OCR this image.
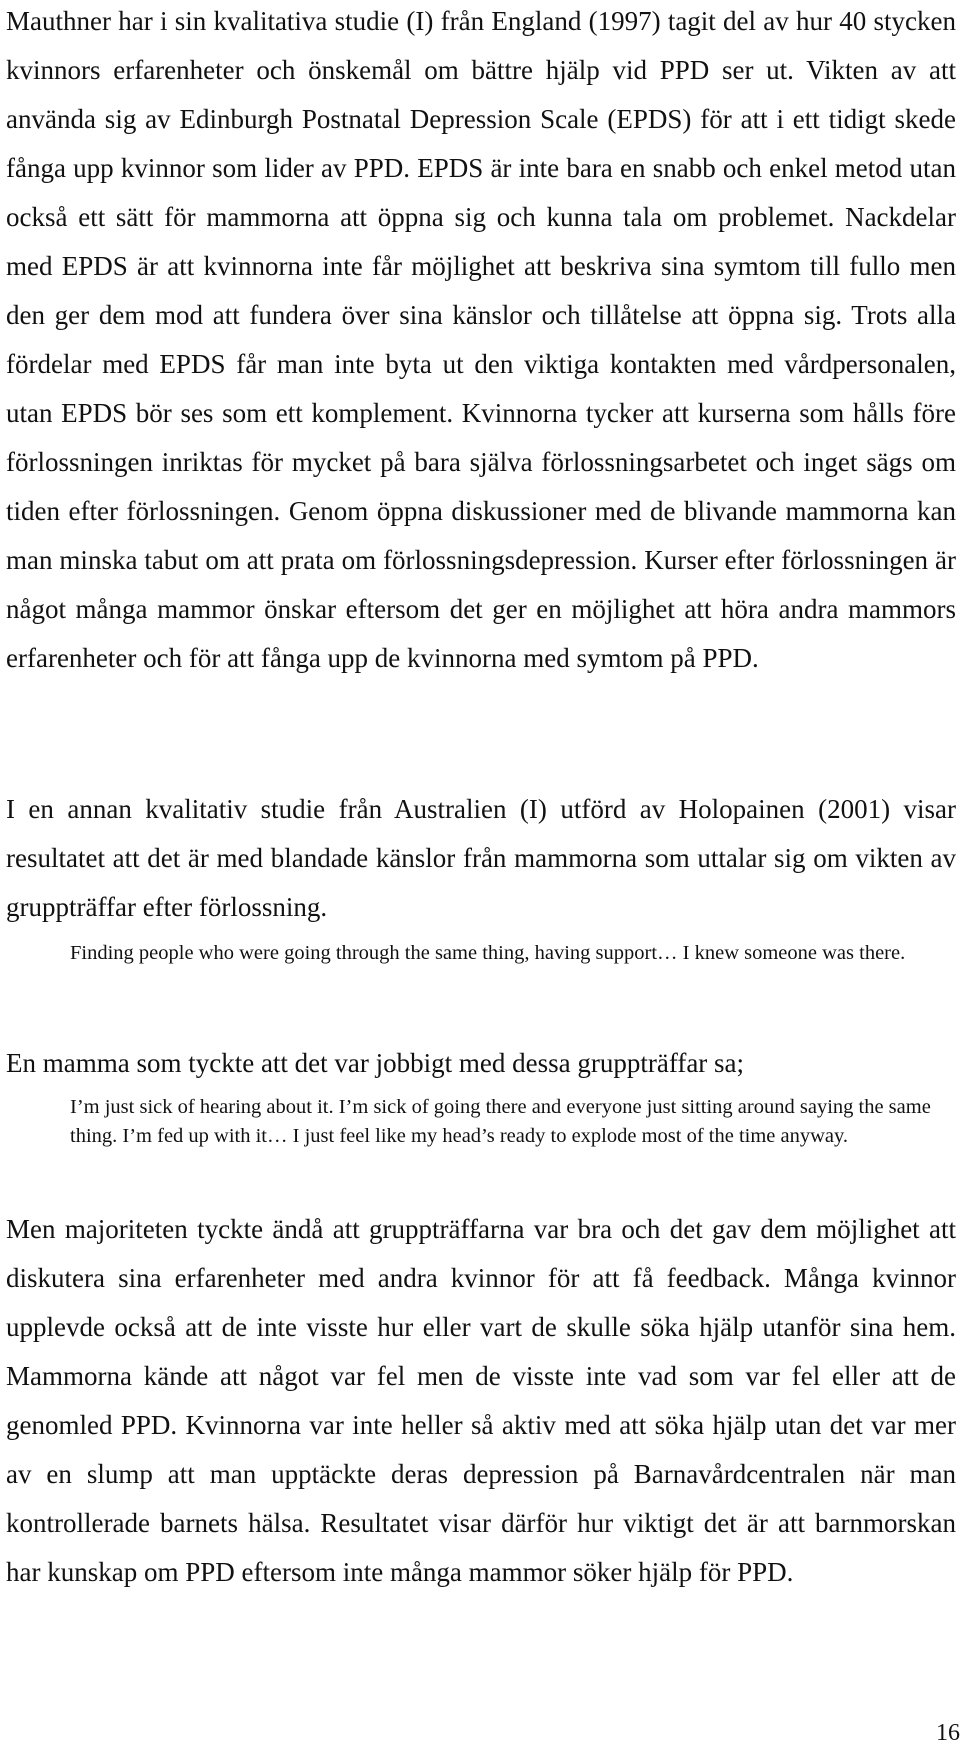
Mauthner har i sin kvalitativa studie (I) från England (1997) tagit del av hur 40 stycken kvinnors erfarenheter och önskemål om bättre hjälp vid PPD ser ut. Vikten av att använda sig av Edinburgh Postnatal Depression Scale (EPDS) för att i ett tidigt skede fånga upp kvinnor som lider av PPD. EPDS är inte bara en snabb och enkel metod utan också ett sätt för mammorna att öppna sig och kunna tala om problemet. Nackdelar med EPDS är att kvinnorna inte får möjlighet att beskriva sina symtom till fullo men den ger dem mod att fundera över sina känslor och tillåtelse att öppna sig. Trots alla fördelar med EPDS får man inte byta ut den viktiga kontakten med vårdpersonalen, utan EPDS bör ses som ett komplement. Kvinnorna tycker att kurserna som hålls före förlossningen inriktas för mycket på bara själva förlossningsarbetet och inget sägs om tiden efter förlossningen. Genom öppna diskussioner med de blivande mammorna kan man minska tabut om att prata om förlossningsdepression. Kurser efter förlossningen är något många mammor önskar eftersom det ger en möjlighet att höra andra mammors erfarenheter och för att fånga upp de kvinnorna med symtom på PPD.

I en annan kvalitativ studie från Australien (I) utförd av Holopainen (2001) visar resultatet att det är med blandade känslor från mammorna som uttalar sig om vikten av gruppträffar efter förlossning.

Finding people who were going through the same thing, having support… I knew someone was there.

En mamma som tyckte att det var jobbigt med dessa gruppträffar sa;

I’m just sick of hearing about it. I’m sick of going there and everyone just sitting around saying the same thing. I’m fed up with it… I just feel like my head’s ready to explode most of the time anyway.

Men majoriteten tyckte ändå att gruppträffarna var bra och det gav dem möjlighet att diskutera sina erfarenheter med andra kvinnor för att få feedback. Många kvinnor upplevde också att de inte visste hur eller vart de skulle söka hjälp utanför sina hem. Mammorna kände att något var fel men de visste inte vad som var fel eller att de genomled PPD. Kvinnorna var inte heller så aktiv med att söka hjälp utan det var mer av en slump att man upptäckte deras depression på Barnavårdcentralen när man kontrollerade barnets hälsa. Resultatet visar därför hur viktigt det är att barnmorskan har kunskap om PPD eftersom inte många mammor söker hjälp för PPD.

16
